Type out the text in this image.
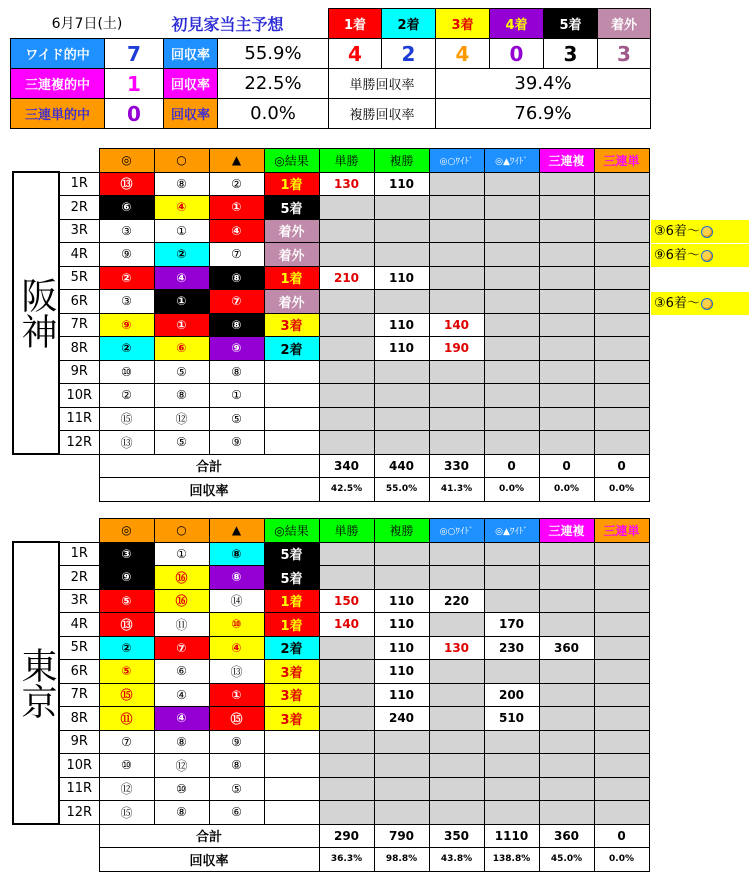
6月7日(土)		初見家当主予想		1着	2着	3着	4着	5着	着外
ワイド的中	7	回収率	55.9%	4	2	4	0	3	3
三連複的中	1	回収率	22.5%	単勝回収率		39.4%			
三連単的中	0	回収率	0.0%	複勝回収率		76.9%			
		◎	○	▲	◎結果	単勝	複勝	◎○ﾜｲﾄﾞ	◎▲ﾜｲﾄﾞ	三連複	三連単
阪神	1R	⑬	⑧	②	1着	130	110				
	2R	⑥	④	①	5着						
	3R	③	①	④	着外						
	4R	⑨	②	⑦	着外						
	5R	②	④	⑧	1着	210	110				
	6R	③	①	⑦	着外						
	7R	⑨	①	⑧	3着		110	140			
	8R	②	⑥	⑨	2着		110	190			
	9R	⑩	⑤	⑧							
	10R	②	⑧	①							
	11R	⑮	⑫	⑤							
	12R	⑬	⑤	⑨							
		合計				340	440	330	0	0	0
		回収率				42.5%	55.0%	41.3%	0.0%	0.0%	0.0%
③6着～
⑨6着～
③6着～
		◎	○	▲	◎結果	単勝	複勝	◎○ﾜｲﾄﾞ	◎▲ﾜｲﾄﾞ	三連複	三連単
東京	1R	③	①	⑧	5着						
	2R	⑨	⑯	⑧	5着						
	3R	⑤	⑯	⑭	1着	150	110	220			
	4R	⑬	⑪	⑩	1着	140	110		170		
	5R	②	⑦	④	2着		110	130	230	360	
	6R	⑤	⑥	⑬	3着		110				
	7R	⑮	④	①	3着		110		200		
	8R	⑪	④	⑮	3着		240		510		
	9R	⑦	⑧	⑨							
	10R	⑩	⑫	⑧							
	11R	⑫	⑩	⑤							
	12R	⑮	⑧	⑥							
		合計				290	790	350	1110	360	0
		回収率				36.3%	98.8%	43.8%	138.8%	45.0%	0.0%
